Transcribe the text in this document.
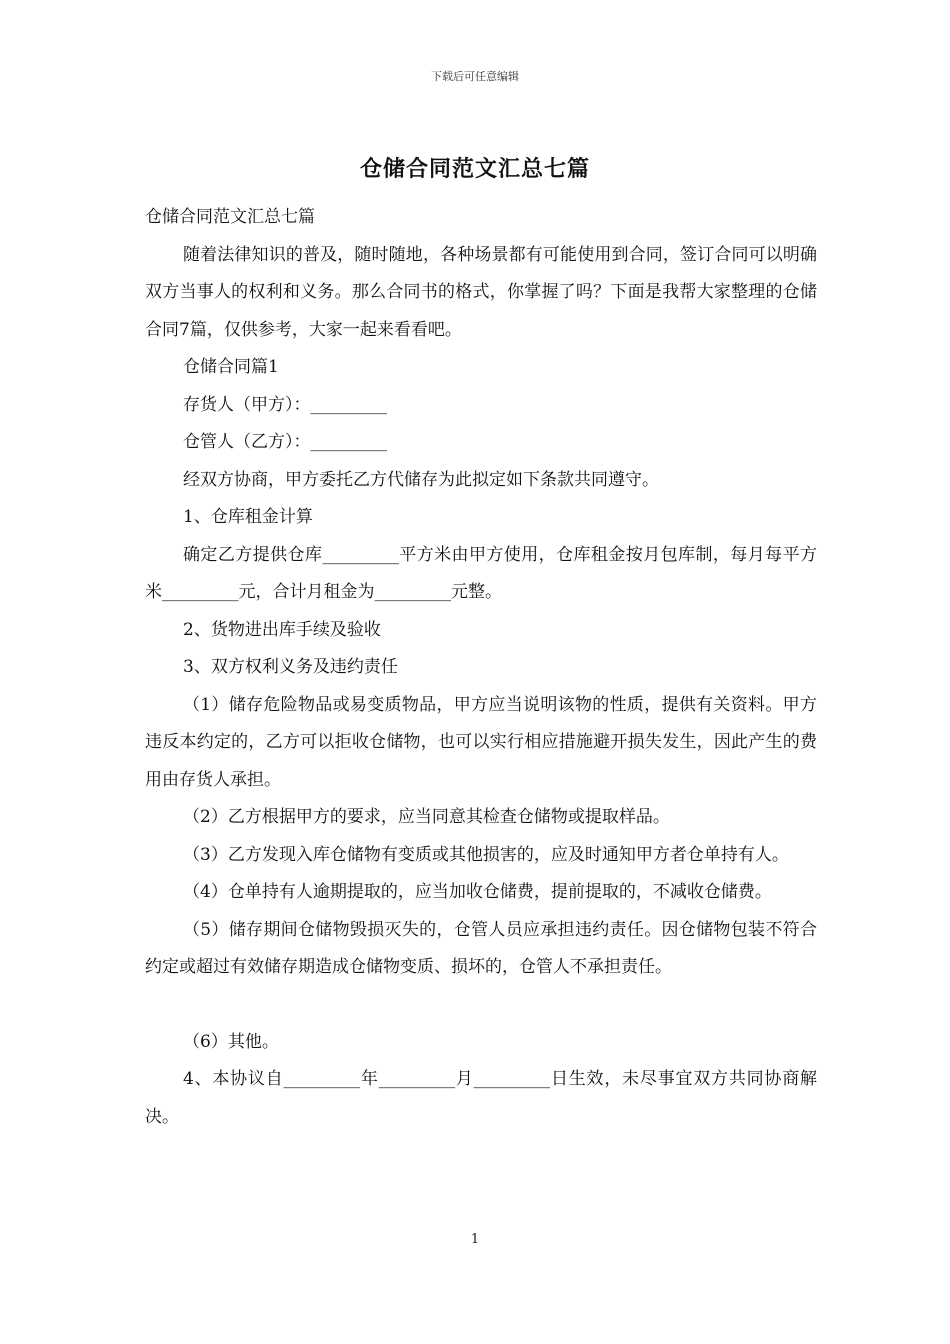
下载后可任意编辑
仓储合同范文汇总七篇

仓储合同范文汇总七篇

随着法律知识的普及，随时随地，各种场景都有可能使用到合同，签订合同可以明确双方当事人的权利和义务。那么合同书的格式，你掌握了吗？下面是我帮大家整理的仓储合同7篇，仅供参考，大家一起来看看吧。

仓储合同篇1

存货人（甲方）：_________

仓管人（乙方）：_________

经双方协商，甲方委托乙方代储存为此拟定如下条款共同遵守。

1、仓库租金计算

确定乙方提供仓库_________平方米由甲方使用，仓库租金按月包库制，每月每平方米_________元，合计月租金为_________元整。

2、货物进出库手续及验收

3、双方权利义务及违约责任

（1）储存危险物品或易变质物品，甲方应当说明该物的性质，提供有关资料。甲方违反本约定的，乙方可以拒收仓储物，也可以实行相应措施避开损失发生，因此产生的费用由存货人承担。

（2）乙方根据甲方的要求，应当同意其检查仓储物或提取样品。

（3）乙方发现入库仓储物有变质或其他损害的，应及时通知甲方者仓单持有人。

（4）仓单持有人逾期提取的，应当加收仓储费，提前提取的，不减收仓储费。

（5）储存期间仓储物毁损灭失的，仓管人员应承担违约责任。因仓储物包装不符合约定或超过有效储存期造成仓储物变质、损坏的，仓管人不承担责任。

（6）其他。

4、本协议自_________年_________月_________日生效，未尽事宜双方共同协商解决。

1
